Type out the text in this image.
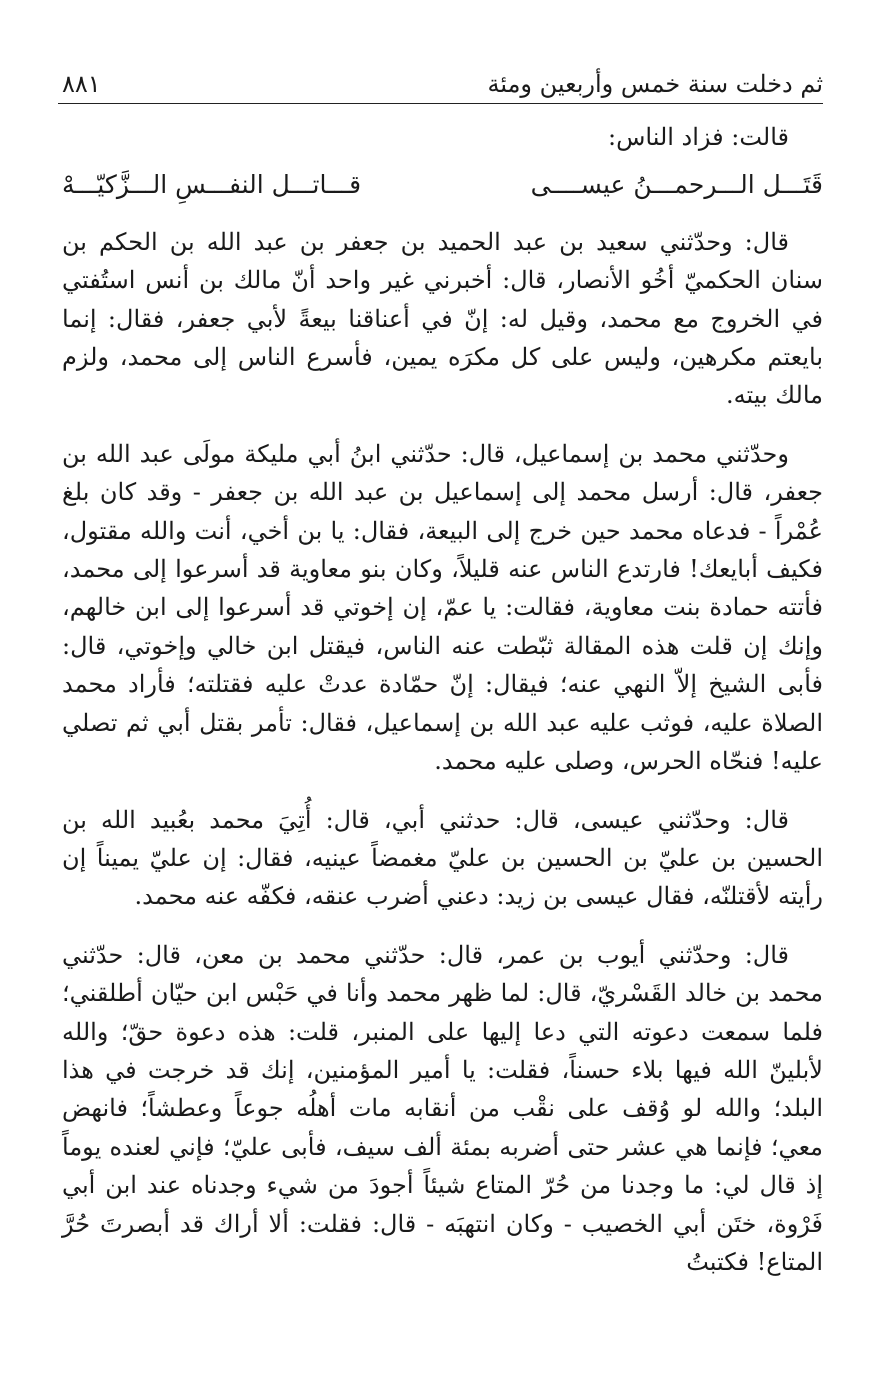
٨٨١	ثم دخلت سنة خمس وأربعين ومئة

قالت: فزاد الناس:

قَتَـــل الـــرحمـــنُ عيســــى
قـــاتـــل النفـــسِ الـــزَّكيّـــهْ

قال: وحدّثني سعيد بن عبد الحميد بن جعفر بن عبد الله بن الحكم بن سنان الحكميّ أخُو الأنصار، قال: أخبرني غير واحد أنّ مالك بن أنس استُفتي في الخروج مع محمد، وقيل له: إنّ في أعناقنا بيعةً لأبي جعفر، فقال: إنما بايعتم مكرهين، وليس على كل مكرَه يمين، فأسرع الناس إلى محمد، ولزم مالك بيته.

وحدّثني محمد بن إسماعيل، قال: حدّثني ابنُ أبي مليكة مولَى عبد الله بن جعفر، قال: أرسل محمد إلى إسماعيل بن عبد الله بن جعفر - وقد كان بلغ عُمْراً - فدعاه محمد حين خرج إلى البيعة، فقال: يا بن أخي، أنت والله مقتول، فكيف أبايعك! فارتدع الناس عنه قليلاً، وكان بنو معاوية قد أسرعوا إلى محمد، فأتته حمادة بنت معاوية، فقالت: يا عمّ، إن إخوتي قد أسرعوا إلى ابن خالهم، وإنك إن قلت هذه المقالة ثبّطت عنه الناس، فيقتل ابن خالي وإخوتي، قال: فأبى الشيخ إلاّ النهي عنه؛ فيقال: إنّ حمّادة عدتْ عليه فقتلته؛ فأراد محمد الصلاة عليه، فوثب عليه عبد الله بن إسماعيل، فقال: تأمر بقتل أبي ثم تصلي عليه! فنحّاه الحرس، وصلى عليه محمد.

قال: وحدّثني عيسى، قال: حدثني أبي، قال: أُتِيَ محمد بعُبيد الله بن الحسين بن عليّ بن الحسين بن عليّ مغمضاً عينيه، فقال: إن عليّ يميناً إن رأيته لأقتلنّه، فقال عيسى بن زيد: دعني أضرب عنقه، فكفّه عنه محمد.

قال: وحدّثني أيوب بن عمر، قال: حدّثني محمد بن معن، قال: حدّثني محمد بن خالد القَسْريّ، قال: لما ظهر محمد وأنا في حَبْس ابن حيّان أطلقني؛ فلما سمعت دعوته التي دعا إليها على المنبر، قلت: هذه دعوة حقّ؛ والله لأبلينّ الله فيها بلاء حسناً، فقلت: يا أمير المؤمنين، إنك قد خرجت في هذا البلد؛ والله لو وُقف على نقْب من أنقابه مات أهلُه جوعاً وعطشاً؛ فانهض معي؛ فإنما هي عشر حتى أضربه بمئة ألف سيف، فأبى عليّ؛ فإني لعنده يوماً إذ قال لي: ما وجدنا من حُرّ المتاع شيئاً أجودَ من شيء وجدناه عند ابن أبي فَرْوة، ختَن أبي الخصيب - وكان انتهبَه - قال: فقلت: ألا أراك قد أبصرتَ حُرَّ المتاع! فكتبتُ
